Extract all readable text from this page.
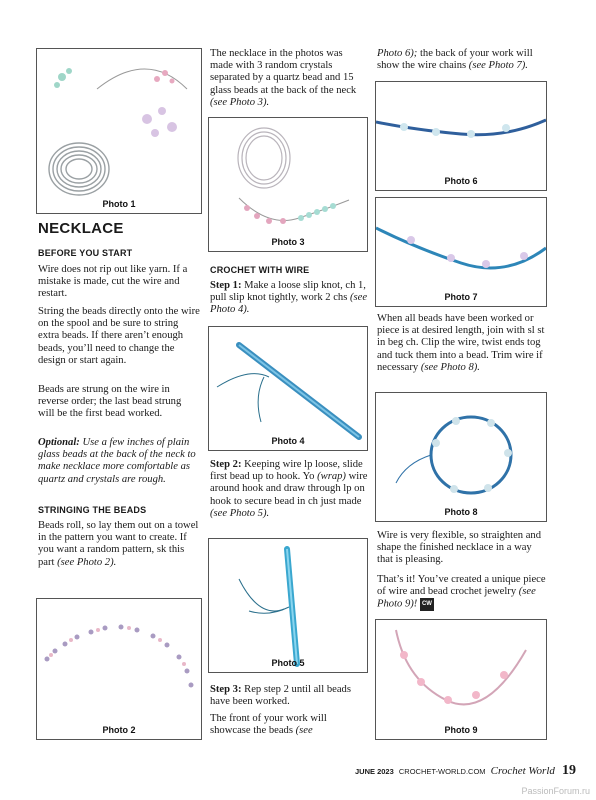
Photo 1
NECKLACE
BEFORE YOU START
Wire does not rip out like yarn. If a mistake is made, cut the wire and restart.
String the beads directly onto the wire on the spool and be sure to string extra beads. If there aren’t enough beads, you’ll need to change the design or start again.
Beads are strung on the wire in reverse order; the last bead strung will be the first bead worked.
Optional: Use a few inches of plain glass beads at the back of the neck to make necklace more comfortable as quartz and crystals are rough.
STRINGING THE BEADS
Beads roll, so lay them out on a towel in the pattern you want to create. If you want a random pattern, sk this part (see Photo 2).
Photo 2
The necklace in the photos was made with 3 random crystals separated by a quartz bead and 15 glass beads at the back of the neck (see Photo 3).
Photo 3
CROCHET WITH WIRE
Step 1: Make a loose slip knot, ch 1, pull slip knot tightly, work 2 chs (see Photo 4).
Photo 4
Step 2: Keeping wire lp loose, slide first bead up to hook. Yo (wrap) wire around hook and draw through lp on hook to secure bead in ch just made (see Photo 5).
Photo 5
Step 3: Rep step 2 until all beads have been worked.
The front of your work will showcase the beads (see
Photo 6); the back of your work will show the wire chains (see Photo 7).
Photo 6
Photo 7
When all beads have been worked or piece is at desired length, join with sl st in beg ch. Clip the wire, twist ends tog and tuck them into a bead. Trim wire if necessary (see Photo 8).
Photo 8
Wire is very flexible, so straighten and shape the finished necklace in a way that is pleasing.
That’s it! You’ve created a unique piece of wire and bead crochet jewelry (see Photo 9)! CW
Photo 9
JUNE 2023 CROCHET-WORLD.COM Crochet World 19
PassionForum.ru
